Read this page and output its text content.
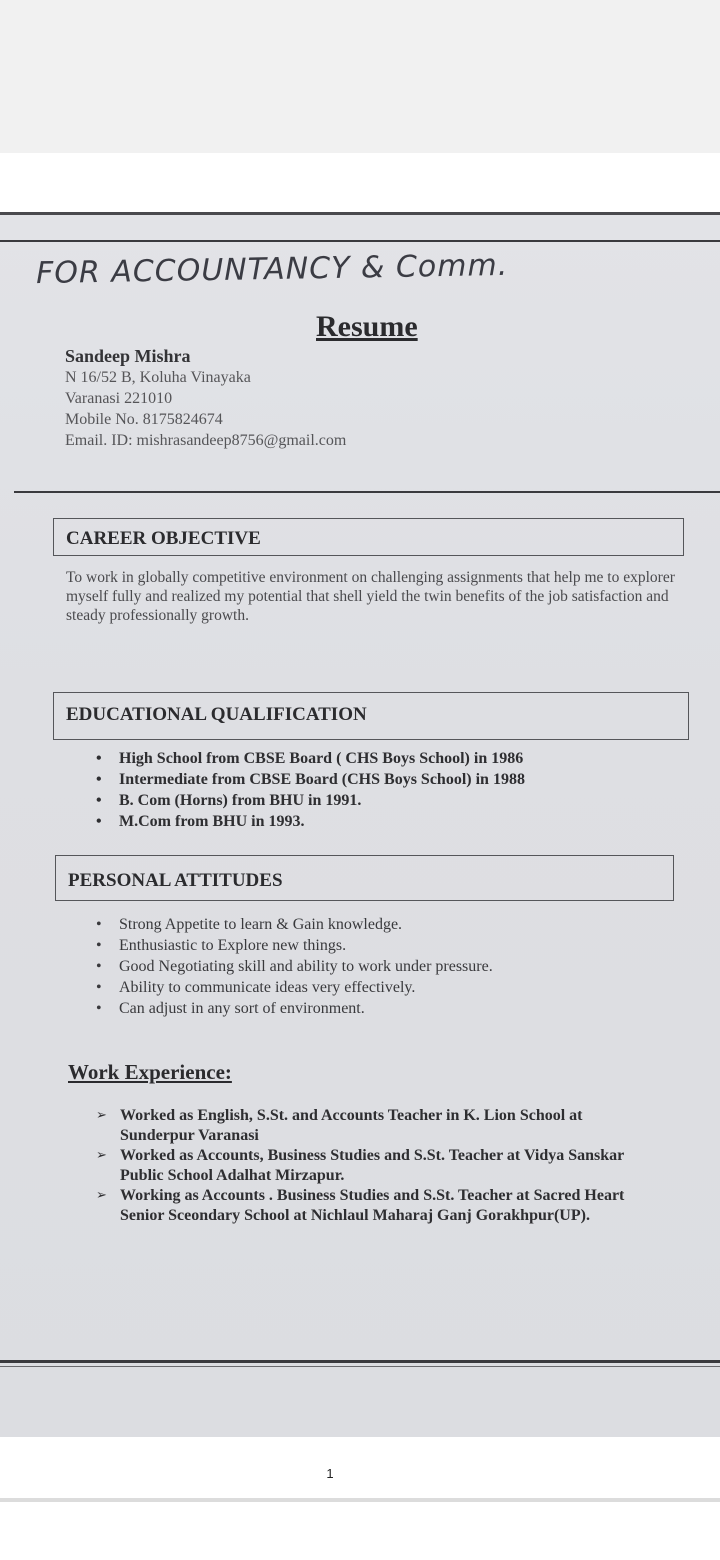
FOR ACCOUNTANCY & Comm.
Resume
Sandeep Mishra
N 16/52 B, Koluha Vinayaka
Varanasi 221010
Mobile No. 8175824674
Email. ID: mishrasandeep8756@gmail.com
CAREER OBJECTIVE
To work in globally competitive environment on challenging assignments that help me to explorer myself fully and realized my potential that shell yield the twin benefits of the job satisfaction and steady professionally growth.
EDUCATIONAL QUALIFICATION
• High School from CBSE Board ( CHS Boys School) in 1986
• Intermediate from CBSE Board (CHS Boys School) in 1988
• B. Com (Horns) from BHU in 1991.
• M.Com from BHU in 1993.
PERSONAL ATTITUDES
• Strong Appetite to learn & Gain knowledge.
• Enthusiastic to Explore new things.
• Good Negotiating skill and ability to work under pressure.
• Ability to communicate ideas very effectively.
• Can adjust in any sort of environment.
Work Experience:
➢ Worked as English, S.St. and Accounts Teacher in K. Lion School at Sunderpur Varanasi
➢ Worked as Accounts, Business Studies and S.St. Teacher at Vidya Sanskar Public School Adalhat Mirzapur.
➢ Working as Accounts . Business Studies and S.St. Teacher at Sacred Heart Senior Sceondary School at Nichlaul Maharaj Ganj Gorakhpur(UP).
1
